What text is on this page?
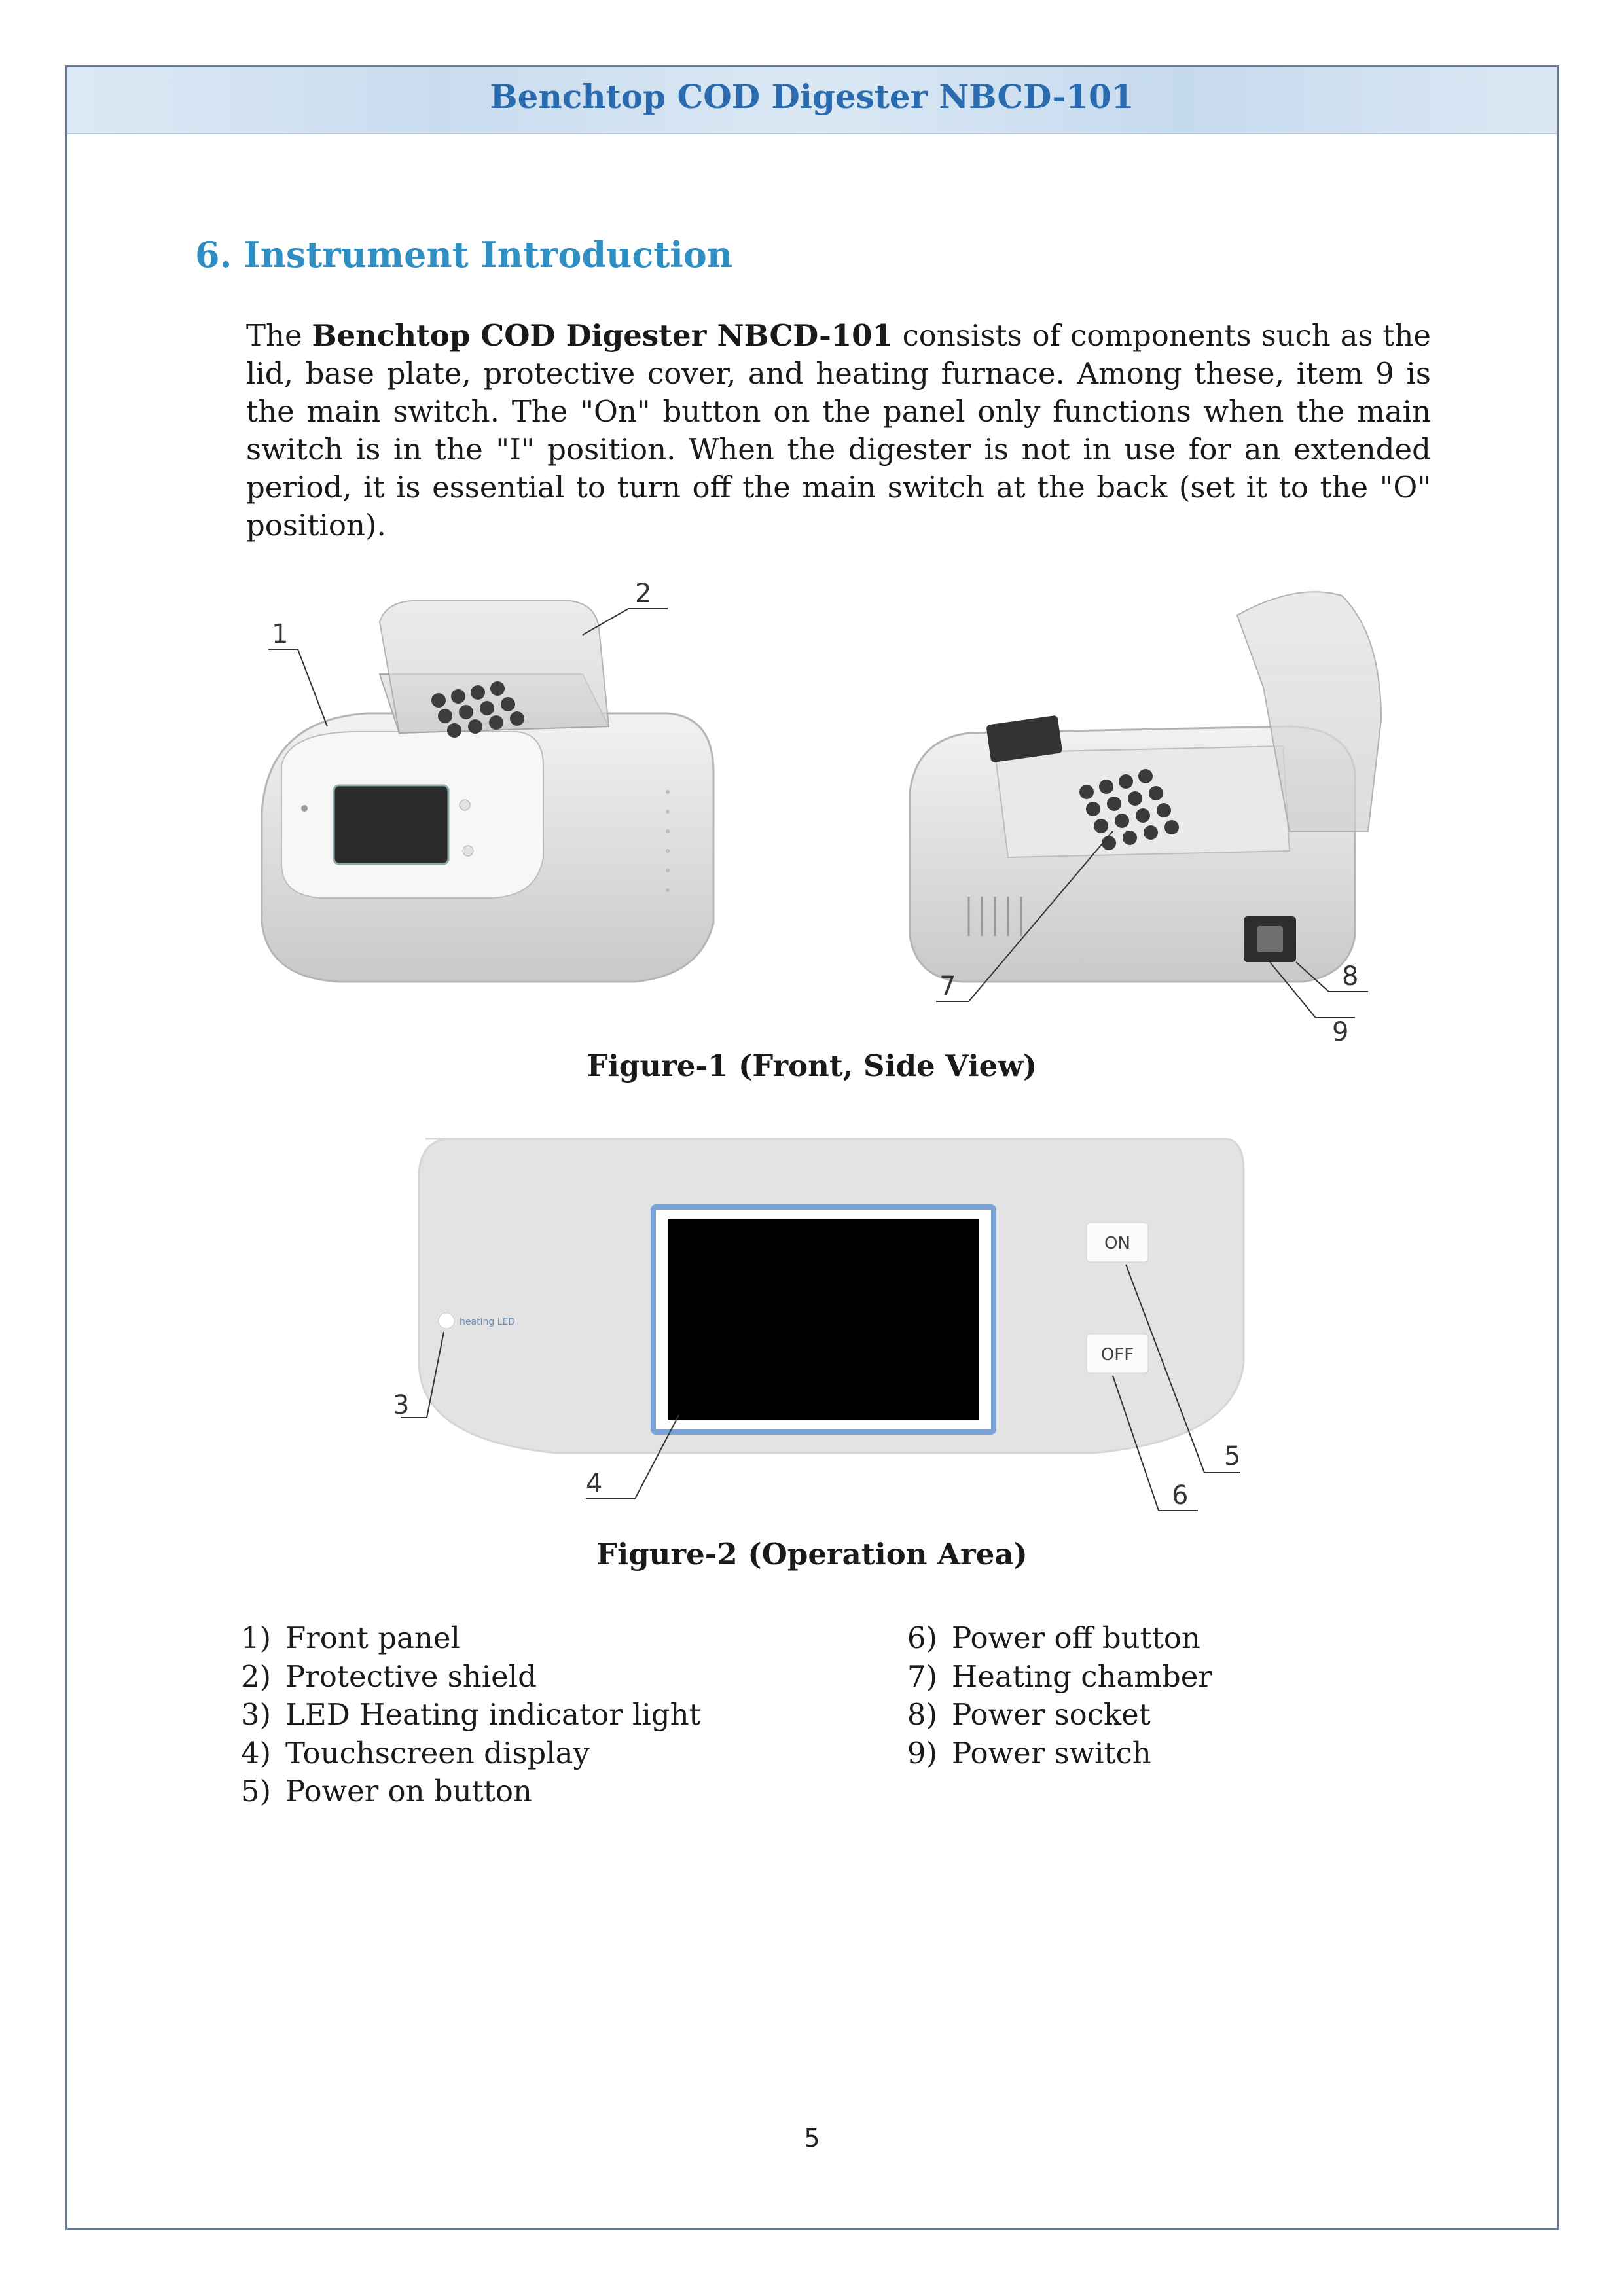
Benchtop COD Digester NBCD-101
6. Instrument Introduction
The Benchtop COD Digester NBCD-101 consists of components such as the lid, base plate, protective cover, and heating furnace. Among these, item 9 is the main switch. The "On" button on the panel only functions when the main switch is in the "I" position. When the digester is not in use for an extended period, it is essential to turn off the main switch at the back (set it to the "O" position).
1
2
7	8
9
Figure-1 (Front, Side View)
ON
OFF
heating LED
3
4
5
6
Figure-2 (Operation Area)
1) Front panel
2) Protective shield
3) LED Heating indicator light
4) Touchscreen display
5) Power on button
6) Power off button
7) Heating chamber
8) Power socket
9) Power switch
5
